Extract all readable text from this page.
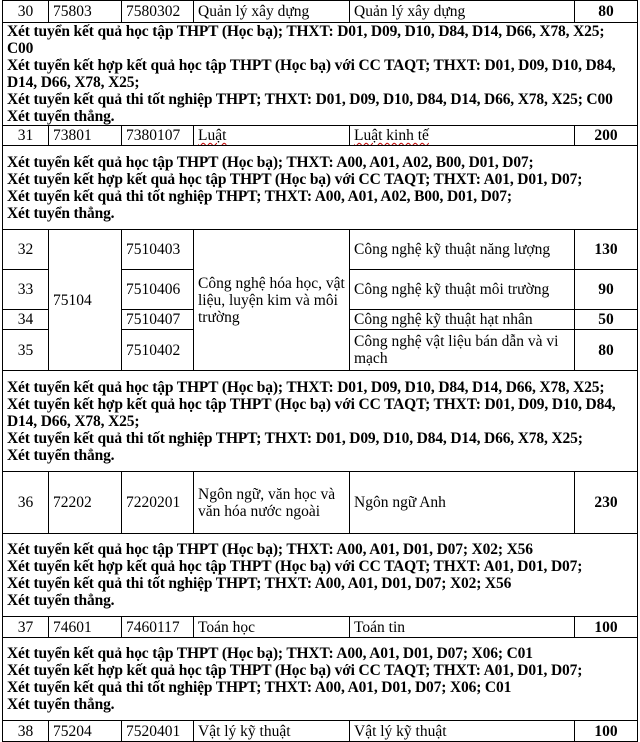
30	75803	7580302	Quản lý xây dựng	Quản lý xây dựng	80

Xét tuyển kết quả học tập THPT (Học bạ); THXT: D01, D09, D10, D84, D14, D66, X78, X25; C00
Xét tuyển kết hợp kết quả học tập THPT (Học bạ) với CC TAQT; THXT: D01, D09, D10, D84, D14, D66, X78, X25;
Xét tuyển kết quả thi tốt nghiệp THPT; THXT: D01, D09, D10, D84, D14, D66, X78, X25; C00
Xét tuyển thẳng.					

31	73801	7380107	Luật	Luật kinh tế	200

Xét tuyển kết quả học tập THPT (Học bạ); THXT: A00, A01, A02, B00, D01, D07;
Xét tuyển kết hợp kết quả học tập THPT (Học bạ) với CC TAQT; THXT: A01, D01, D07;
Xét tuyển kết quả thi tốt nghiệp THPT; THXT: A00, A01, A02, B00, D01, D07;
Xét tuyển thẳng.					

32	75104	7510403	Công nghệ hóa học, vật liệu, luyện kim và môi trường	Công nghệ kỹ thuật năng lượng	130
33		7510406		Công nghệ kỹ thuật môi trường	90
34		7510407		Công nghệ kỹ thuật hạt nhân	50
35		7510402		Công nghệ vật liệu bán dẫn và vi mạch	80

Xét tuyển kết quả học tập THPT (Học bạ); THXT: D01, D09, D10, D84, D14, D66, X78, X25;
Xét tuyển kết hợp kết quả học tập THPT (Học bạ) với CC TAQT; THXT: D01, D09, D10, D84, D14, D66, X78, X25;
Xét tuyển kết quả thi tốt nghiệp THPT; THXT: D01, D09, D10, D84, D14, D66, X78, X25;
Xét tuyển thẳng.					

36	72202	7220201	Ngôn ngữ, văn học và văn hóa nước ngoài	Ngôn ngữ Anh	230

Xét tuyển kết quả học tập THPT (Học bạ); THXT: A00, A01, D01, D07; X02; X56
Xét tuyển kết hợp kết quả học tập THPT (Học bạ) với CC TAQT; THXT: A01, D01, D07;
Xét tuyển kết quả thi tốt nghiệp THPT; THXT: A00, A01, D01, D07; X02; X56
Xét tuyển thẳng.					

37	74601	7460117	Toán học	Toán tin	100

Xét tuyển kết quả học tập THPT (Học bạ); THXT: A00, A01, D01, D07; X06; C01
Xét tuyển kết hợp kết quả học tập THPT (Học bạ) với CC TAQT; THXT: A01, D01, D07;
Xét tuyển kết quả thi tốt nghiệp THPT; THXT: A00, A01, D01, D07; X06; C01
Xét tuyển thẳng.					

38	75204	7520401	Vật lý kỹ thuật	Vật lý kỹ thuật	100
